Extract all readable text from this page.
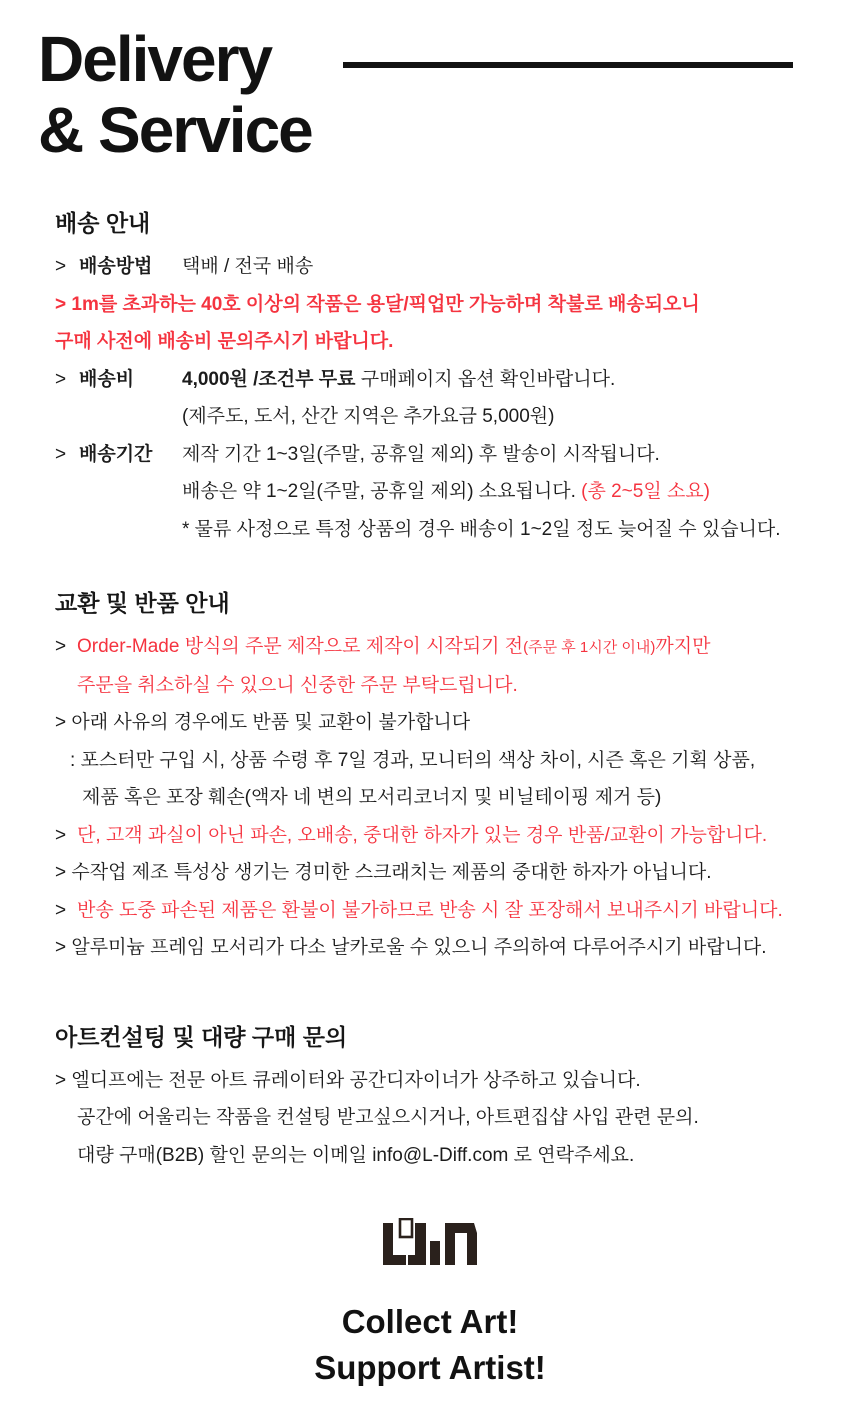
Delivery
& Service
배송 안내
> 배송방법 택배 / 전국 배송

> 1m를 초과하는 40호 이상의 작품은 용달/픽업만 가능하며 착불로 배송되오니

구매 사전에 배송비 문의주시기 바랍니다.

> 배송비	4,000원 /조건부 무료 구매페이지 옵션 확인바랍니다.

(제주도, 도서, 산간 지역은 추가요금 5,000원)

> 배송기간 제작 기간 1~3일(주말, 공휴일 제외) 후 발송이 시작됩니다.

배송은 약 1~2일(주말, 공휴일 제외) 소요됩니다. (총 2~5일 소요)

* 물류 사정으로 특정 상품의 경우 배송이 1~2일 정도 늦어질 수 있습니다.

교환 및 반품 안내

> Order-Made 방식의 주문 제작으로 제작이 시작되기 전(주문 후 1시간 이내)까지만

주문을 취소하실 수 있으니 신중한 주문 부탁드립니다.

> 아래 사유의 경우에도 반품 및 교환이 불가합니다

: 포스터만 구입 시, 상품 수령 후 7일 경과, 모니터의 색상 차이, 시즌 혹은 기획 상품,

제품 혹은 포장 훼손(액자 네 변의 모서리코너지 및 비닐테이핑 제거 등)

> 단, 고객 과실이 아닌 파손, 오배송, 중대한 하자가 있는 경우 반품/교환이 가능합니다.

> 수작업 제조 특성상 생기는 경미한 스크래치는 제품의 중대한 하자가 아닙니다.

> 반송 도중 파손된 제품은 환불이 불가하므로 반송 시 잘 포장해서 보내주시기 바랍니다.

> 알루미늄 프레임 모서리가 다소 날카로울 수 있으니 주의하여 다루어주시기 바랍니다.

아트컨설팅 및 대량 구매 문의

> 엘디프에는 전문 아트 큐레이터와 공간디자이너가 상주하고 있습니다.

공간에 어울리는 작품을 컨설팅 받고싶으시거나, 아트편집샵 사입 관련 문의.

대량 구매(B2B) 할인 문의는 이메일 info@L-Diff.com 로 연락주세요.

Collect Art!
Support Artist!
